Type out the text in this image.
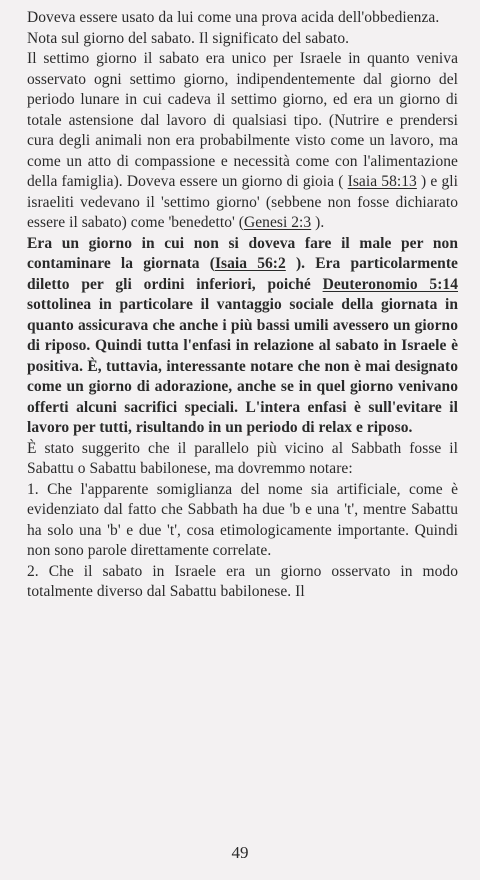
Doveva essere usato da lui come una prova acida dell'obbedienza.

Nota sul giorno del sabato. Il significato del sabato.

Il settimo giorno il sabato era unico per Israele in quanto veniva osservato ogni settimo giorno, indipendentemente dal giorno del periodo lunare in cui cadeva il settimo giorno, ed era un giorno di totale astensione dal lavoro di qualsiasi tipo. (Nutrire e prendersi cura degli animali non era probabilmente visto come un lavoro, ma come un atto di compassione e necessità come con l'alimentazione della famiglia). Doveva essere un giorno di gioia ( Isaia 58:13 ) e gli israeliti vedevano il 'settimo giorno' (sebbene non fosse dichiarato essere il sabato) come 'benedetto' (Genesi 2:3 ).

Era un giorno in cui non si doveva fare il male per non contaminare la giornata (Isaia 56:2 ). Era particolarmente diletto per gli ordini inferiori, poiché Deuteronomio 5:14 sottolinea in particolare il vantaggio sociale della giornata in quanto assicurava che anche i più bassi umili avessero un giorno di riposo. Quindi tutta l'enfasi in relazione al sabato in Israele è positiva. È, tuttavia, interessante notare che non è mai designato come un giorno di adorazione, anche se in quel giorno venivano offerti alcuni sacrifici speciali. L'intera enfasi è sull'evitare il lavoro per tutti, risultando in un periodo di relax e riposo.

È stato suggerito che il parallelo più vicino al Sabbath fosse il Sabattu o Sabattu babilonese, ma dovremmo notare:

1. Che l'apparente somiglianza del nome sia artificiale, come è evidenziato dal fatto che Sabbath ha due 'b e una 't', mentre Sabattu ha solo una 'b' e due 't', cosa etimologicamente importante. Quindi non sono parole direttamente correlate.

2. Che il sabato in Israele era un giorno osservato in modo totalmente diverso dal Sabattu babilonese. Il

49
